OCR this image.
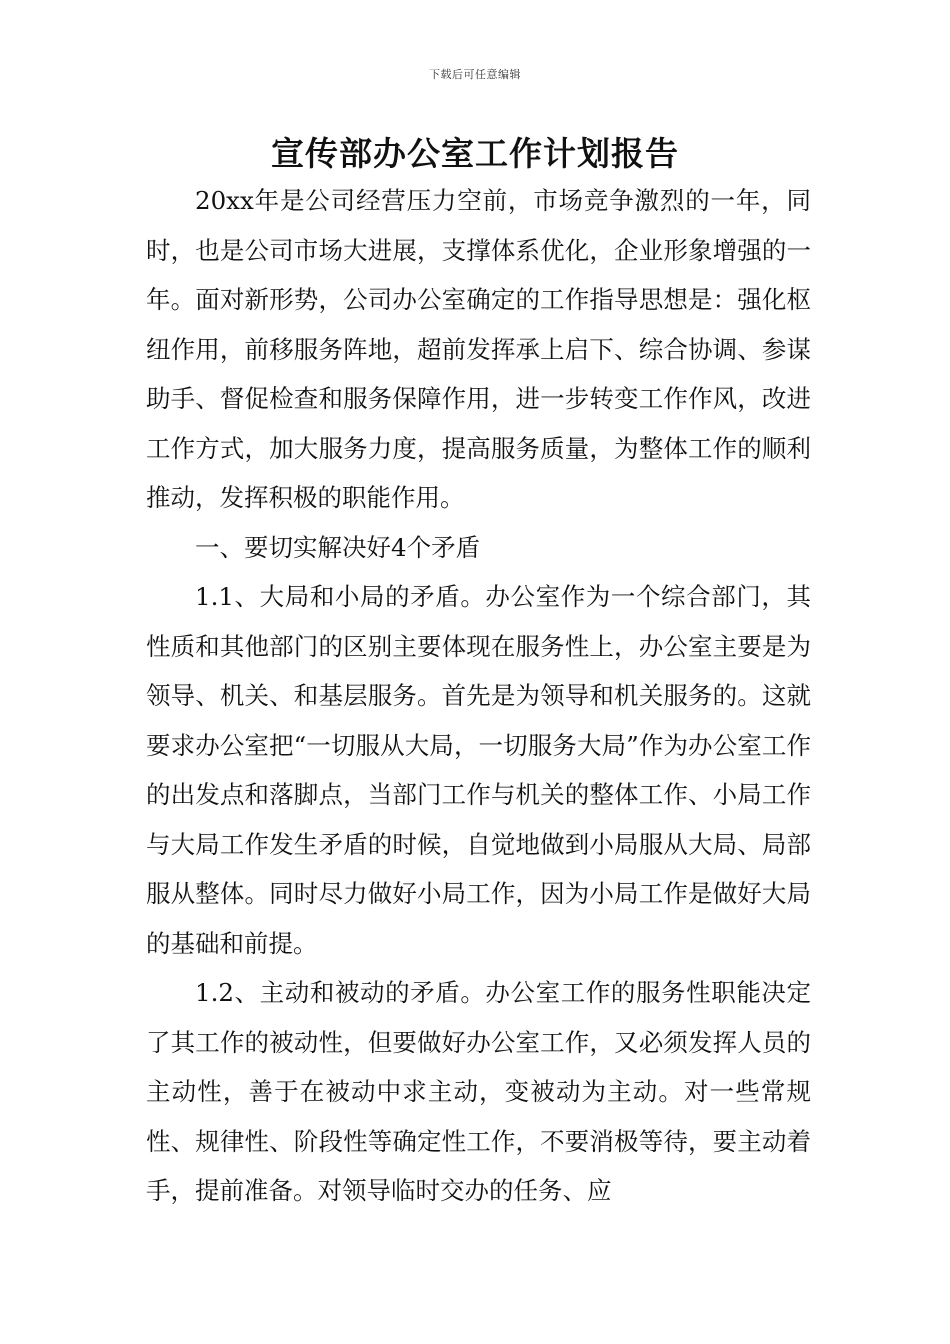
下载后可任意编辑
宣传部办公室工作计划报告

20xx年是公司经营压力空前，市场竞争激烈的一年，同时，也是公司市场大进展，支撑体系优化，企业形象增强的一年。面对新形势，公司办公室确定的工作指导思想是：强化枢纽作用，前移服务阵地，超前发挥承上启下、综合协调、参谋助手、督促检查和服务保障作用，进一步转变工作作风，改进工作方式，加大服务力度，提高服务质量，为整体工作的顺利推动，发挥积极的职能作用。

一、要切实解决好4个矛盾

1.1、大局和小局的矛盾。办公室作为一个综合部门，其性质和其他部门的区别主要体现在服务性上，办公室主要是为领导、机关、和基层服务。首先是为领导和机关服务的。这就要求办公室把“一切服从大局，一切服务大局”作为办公室工作的出发点和落脚点，当部门工作与机关的整体工作、小局工作与大局工作发生矛盾的时候，自觉地做到小局服从大局、局部服从整体。同时尽力做好小局工作，因为小局工作是做好大局的基础和前提。

1.2、主动和被动的矛盾。办公室工作的服务性职能决定了其工作的被动性，但要做好办公室工作，又必须发挥人员的主动性，善于在被动中求主动，变被动为主动。对一些常规性、规律性、阶段性等确定性工作，不要消极等待，要主动着手，提前准备。对领导临时交办的任务、应
